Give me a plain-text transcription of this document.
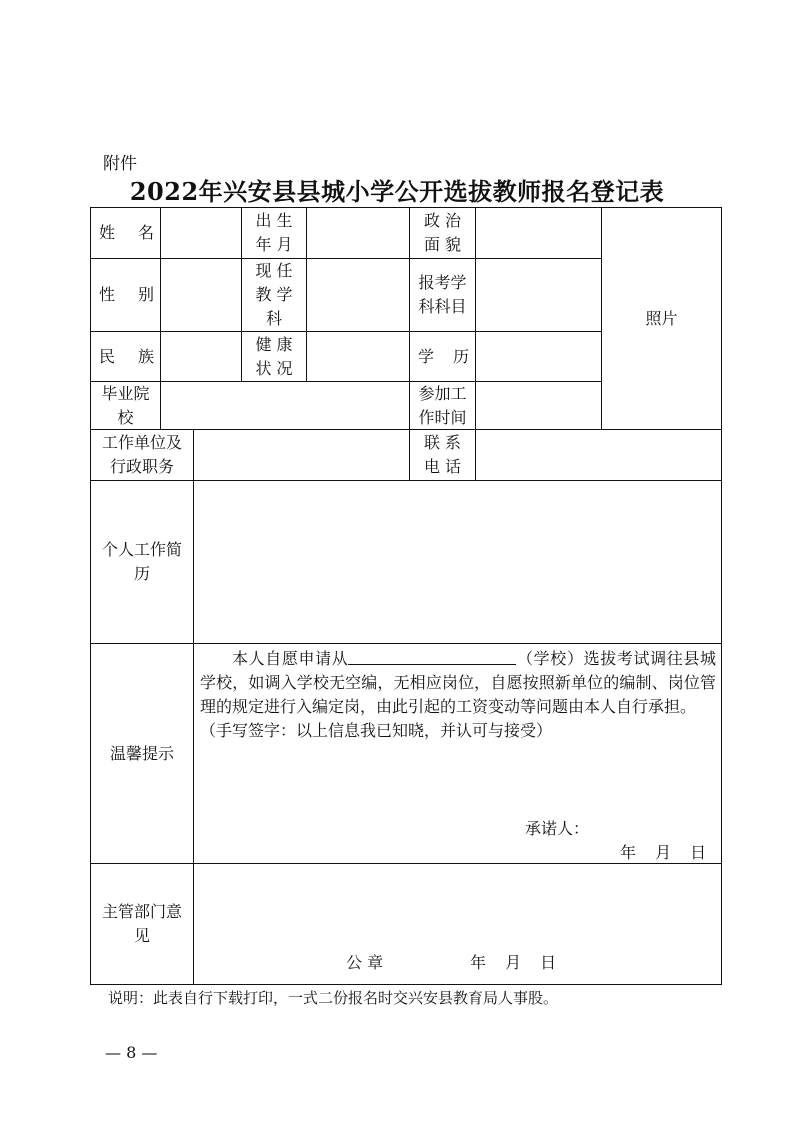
附件
2022年兴安县县城小学公开选拔教师报名登记表
姓 名
出 生
年 月
政 治
面 貌
照片
性 别
现 任
教 学
科
报考学
科科目
民 族
健 康
状 况
学 历
毕业院
校
参加工
作时间
工作单位及
行政职务
联 系
电 话
个人工作简
历
温馨提示

本人自愿申请从	（学校）选拔考试调往县城学校，如调入学校无空编，无相应岗位，自愿按照新单位的编制、岗位管理的规定进行入编定岗，由此引起的工资变动等问题由本人自行承担。

（手写签字：以上信息我已知晓，并认可与接受）

承诺人：
年 月 日
主管部门意
见
公 章	年 月 日
说明：此表自行下载打印，一式二份报名时交兴安县教育局人事股。
— 8 —
